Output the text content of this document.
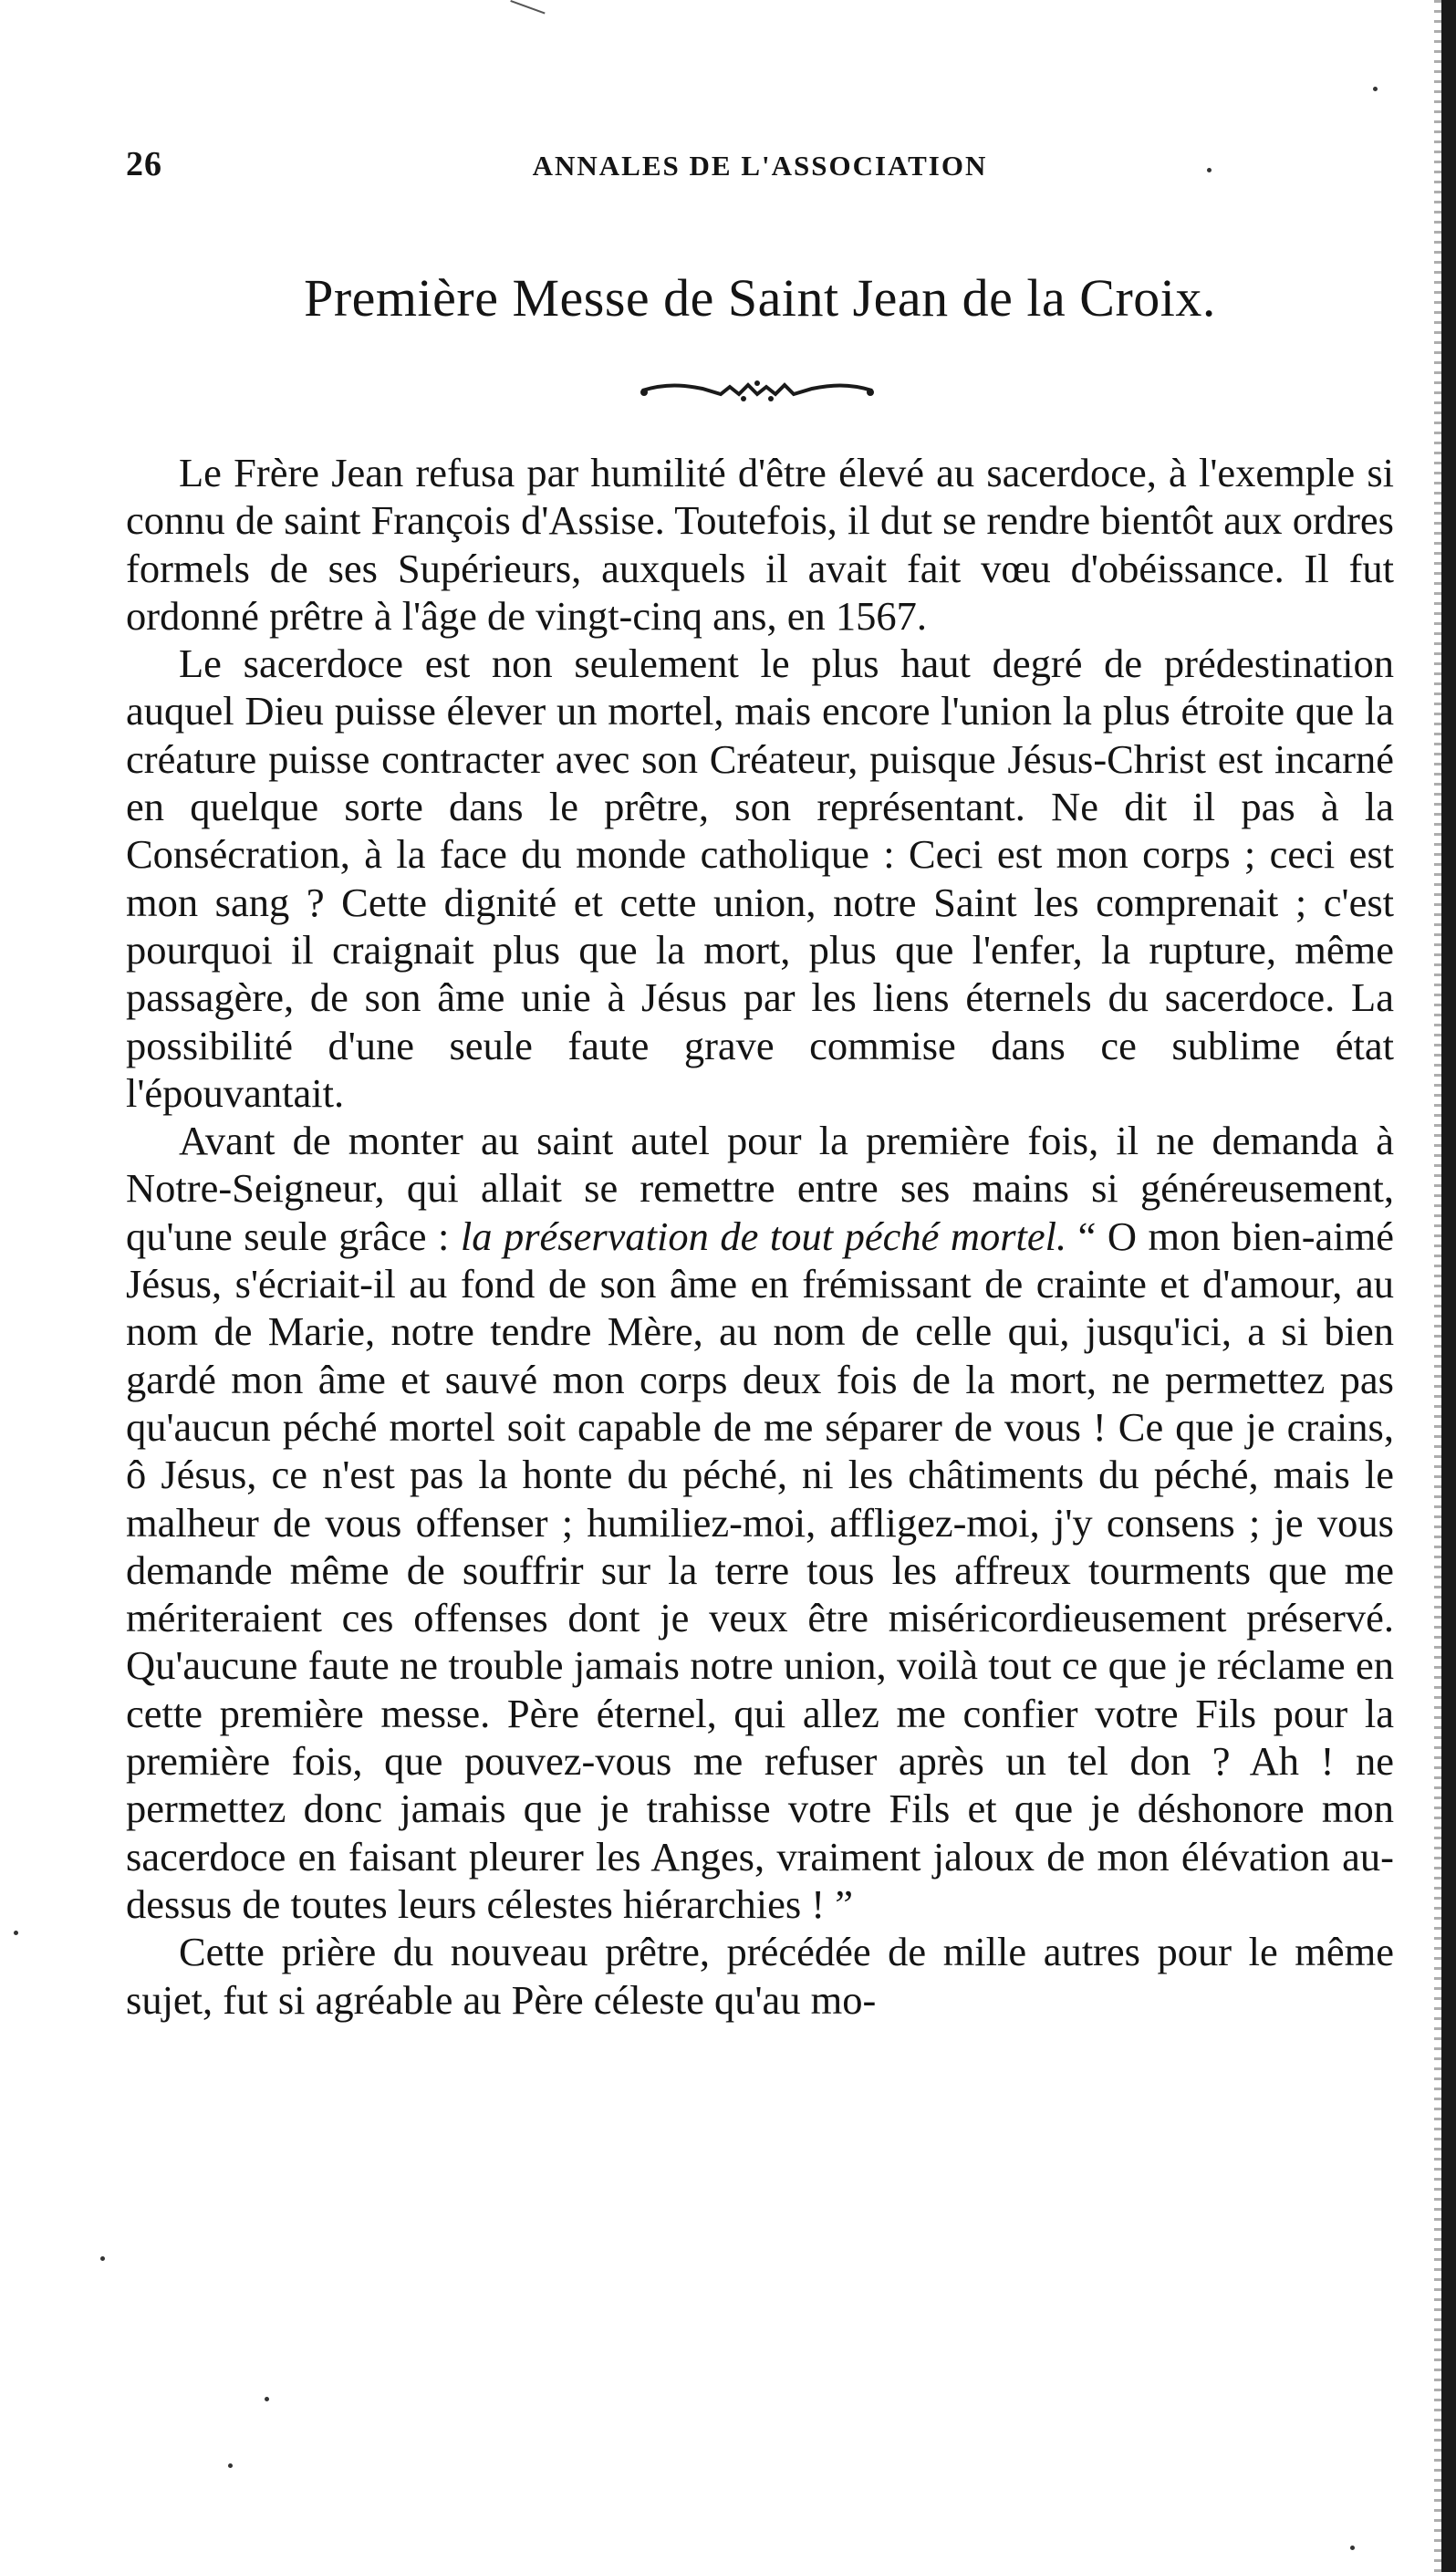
26	ANNALES DE L'ASSOCIATION
Première Messe de Saint Jean de la Croix.

Le Frère Jean refusa par humilité d'être élevé au sacerdoce, à l'exemple si connu de saint François d'Assise. Toutefois, il dut se rendre bientôt aux ordres formels de ses Supérieurs, auxquels il avait fait vœu d'obéissance. Il fut ordonné prêtre à l'âge de vingt-cinq ans, en 1567.

Le sacerdoce est non seulement le plus haut degré de prédestination auquel Dieu puisse élever un mortel, mais encore l'union la plus étroite que la créature puisse contracter avec son Créateur, puisque Jésus-Christ est incarné en quelque sorte dans le prêtre, son représentant. Ne dit il pas à la Consécration, à la face du monde catholique : Ceci est mon corps ; ceci est mon sang ? Cette dignité et cette union, notre Saint les comprenait ; c'est pourquoi il craignait plus que la mort, plus que l'enfer, la rupture, même passagère, de son âme unie à Jésus par les liens éternels du sacerdoce. La possibilité d'une seule faute grave commise dans ce sublime état l'épouvantait.

Avant de monter au saint autel pour la première fois, il ne demanda à Notre-Seigneur, qui allait se remettre entre ses mains si généreusement, qu'une seule grâce : la préservation de tout péché mortel. “ O mon bien-aimé Jésus, s'écriait-il au fond de son âme en frémissant de crainte et d'amour, au nom de Marie, notre tendre Mère, au nom de celle qui, jusqu'ici, a si bien gardé mon âme et sauvé mon corps deux fois de la mort, ne permettez pas qu'aucun péché mortel soit capable de me séparer de vous ! Ce que je crains, ô Jésus, ce n'est pas la honte du péché, ni les châtiments du péché, mais le malheur de vous offenser ; humiliez-moi, affligez-moi, j'y consens ; je vous demande même de souffrir sur la terre tous les affreux tourments que me mériteraient ces offenses dont je veux être miséricordieusement préservé. Qu'aucune faute ne trouble jamais notre union, voilà tout ce que je réclame en cette première messe. Père éternel, qui allez me confier votre Fils pour la première fois, que pouvez-vous me refuser après un tel don ? Ah ! ne permettez donc jamais que je trahisse votre Fils et que je déshonore mon sacerdoce en faisant pleurer les Anges, vraiment jaloux de mon élévation au-dessus de toutes leurs célestes hiérarchies ! ”

Cette prière du nouveau prêtre, précédée de mille autres pour le même sujet, fut si agréable au Père céleste qu'au mo-
